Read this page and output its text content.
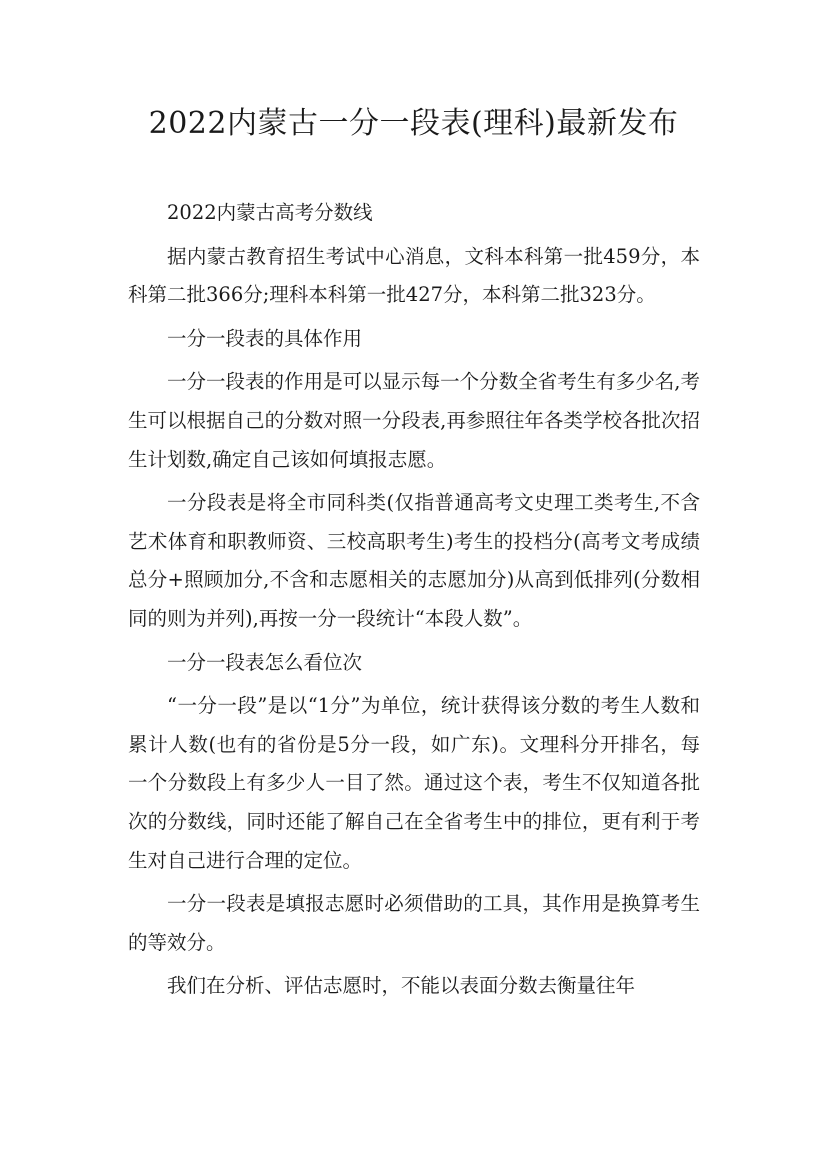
2022内蒙古一分一段表(理科)最新发布

2022内蒙古高考分数线

据内蒙古教育招生考试中心消息，文科本科第一批459分，本科第二批366分;理科本科第一批427分，本科第二批323分。

一分一段表的具体作用

一分一段表的作用是可以显示每一个分数全省考生有多少名,考生可以根据自己的分数对照一分段表,再参照往年各类学校各批次招生计划数,确定自己该如何填报志愿。

一分段表是将全市同科类(仅指普通高考文史理工类考生,不含艺术体育和职教师资、三校高职考生)考生的投档分(高考文考成绩总分+照顾加分,不含和志愿相关的志愿加分)从高到低排列(分数相同的则为并列),再按一分一段统计“本段人数”。

一分一段表怎么看位次

“一分一段”是以“1分”为单位，统计获得该分数的考生人数和累计人数(也有的省份是5分一段，如广东)。文理科分开排名，每一个分数段上有多少人一目了然。通过这个表，考生不仅知道各批次的分数线，同时还能了解自己在全省考生中的排位，更有利于考生对自己进行合理的定位。

一分一段表是填报志愿时必须借助的工具，其作用是换算考生的等效分。

我们在分析、评估志愿时，不能以表面分数去衡量往年
